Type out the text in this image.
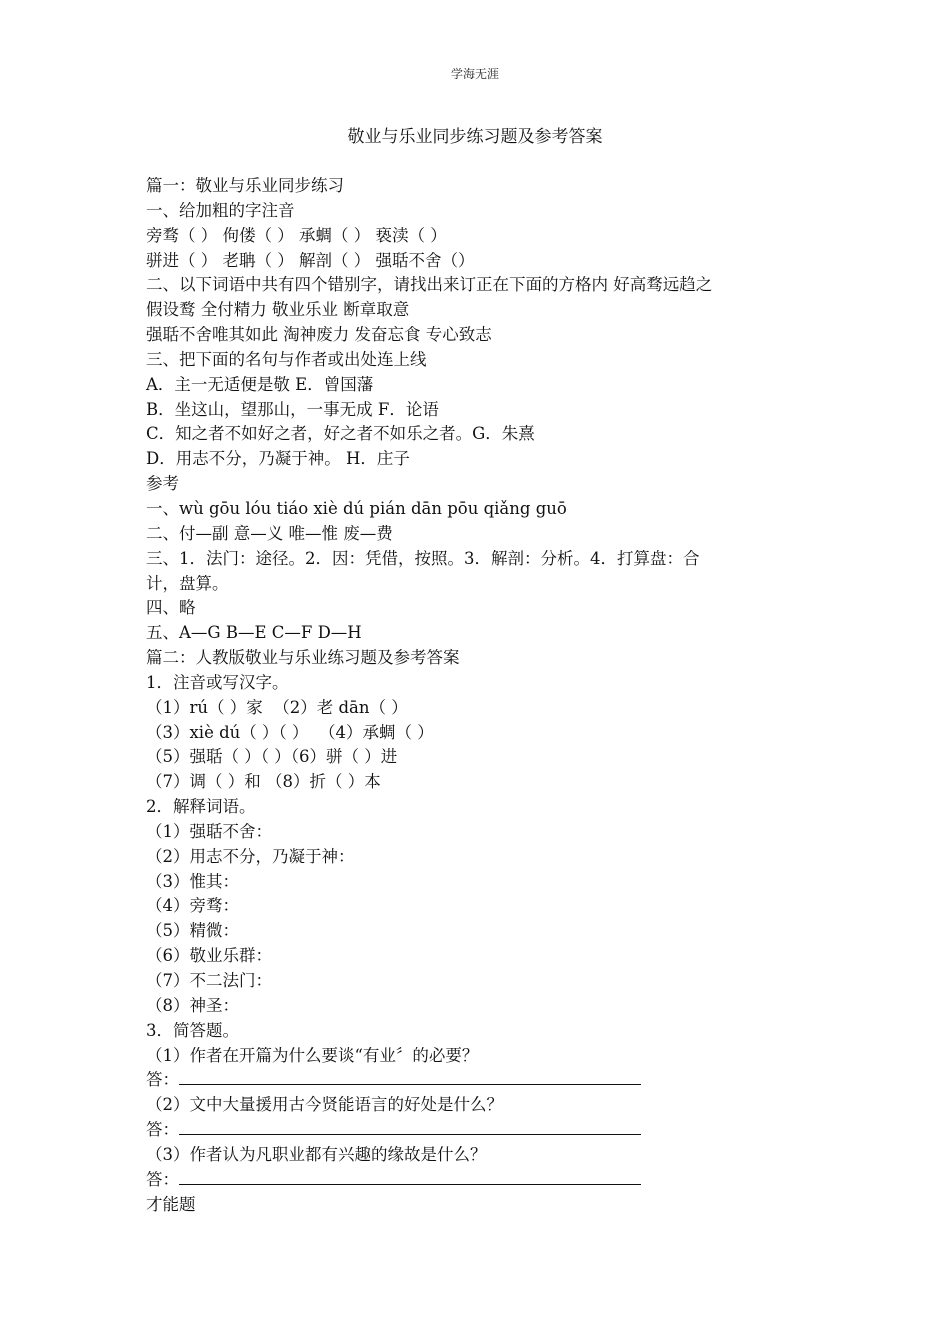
学海无涯
敬业与乐业同步练习题及参考答案
篇一：敬业与乐业同步练习
一、给加粗的字注音
旁骛（ ） 佝偻（ ） 承蜩（ ） 亵渎（ ）
骈进（ ） 老聃（ ） 解剖（ ） 强聒不舍（）
二、以下词语中共有四个错别字，请找出来订正在下面的方格内 好高骛远趋之
假设鹜 全付精力 敬业乐业 断章取意
强聒不舍唯其如此 淘神废力 发奋忘食 专心致志
三、把下面的名句与作者或出处连上线
A．主一无适便是敬 E．曾国藩
B．坐这山，望那山，一事无成 F．论语
C．知之者不如好之者，好之者不如乐之者。G．朱熹
D．用志不分，乃凝于神。 H．庄子
参考
一、wù gōu lóu tiáo xiè dú pián dān pōu qiǎng guō
二、付—副 意—义 唯—惟 废—费
三、1．法门：途径。2．因：凭借，按照。3．解剖：分析。4．打算盘：合
计，盘算。
四、略
五、A—G B—E C—F D—H
篇二：人教版敬业与乐业练习题及参考答案
1．注音或写汉字。
（1）rú（ ）家  （2）老 dān（ ）
（3）xiè dú（ ）（ ）  （4）承蜩（ ）
（5）强聒（ ）（ ）（6）骈（ ）进
（7）调（ ）和 （8）折（ ）本
2．解释词语。
（1）强聒不舍：
（2）用志不分，乃凝于神：
（3）惟其：
（4）旁骛：
（5）精微：
（6）敬业乐群：
（7）不二法门：
（8）神圣：
3．简答题。
（1）作者在开篇为什么要谈“有业〞的必要？
答：
（2）文中大量援用古今贤能语言的好处是什么？
答：
（3）作者认为凡职业都有兴趣的缘故是什么？
答：
才能题
